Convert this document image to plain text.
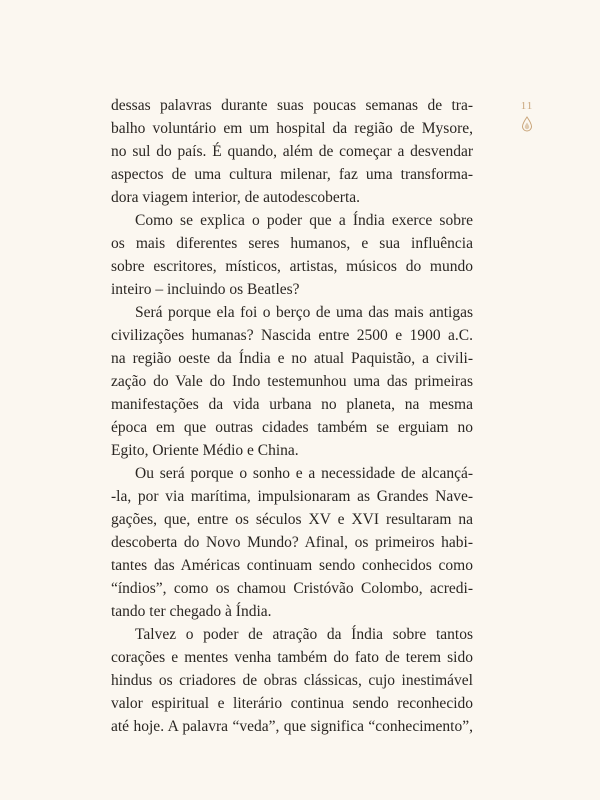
11
dessas palavras durante suas poucas semanas de tra-
balho voluntário em um hospital da região de Mysore,
no sul do país. É quando, além de começar a desvendar
aspectos de uma cultura milenar, faz uma transforma-
dora viagem interior, de autodescoberta.
Como se explica o poder que a Índia exerce sobre
os mais diferentes seres humanos, e sua influência
sobre escritores, místicos, artistas, músicos do mundo
inteiro – incluindo os Beatles?
Será porque ela foi o berço de uma das mais antigas
civilizações humanas? Nascida entre 2500 e 1900 a.C.
na região oeste da Índia e no atual Paquistão, a civili-
zação do Vale do Indo testemunhou uma das primeiras
manifestações da vida urbana no planeta, na mesma
época em que outras cidades também se erguiam no
Egito, Oriente Médio e China.
Ou será porque o sonho e a necessidade de alcançá-
-la, por via marítima, impulsionaram as Grandes Nave-
gações, que, entre os séculos XV e XVI resultaram na
descoberta do Novo Mundo? Afinal, os primeiros habi-
tantes das Américas continuam sendo conhecidos como
“índios”, como os chamou Cristóvão Colombo, acredi-
tando ter chegado à Índia.
Talvez o poder de atração da Índia sobre tantos
corações e mentes venha também do fato de terem sido
hindus os criadores de obras clássicas, cujo inestimável
valor espiritual e literário continua sendo reconhecido
até hoje. A palavra “veda”, que significa “conhecimento”,
